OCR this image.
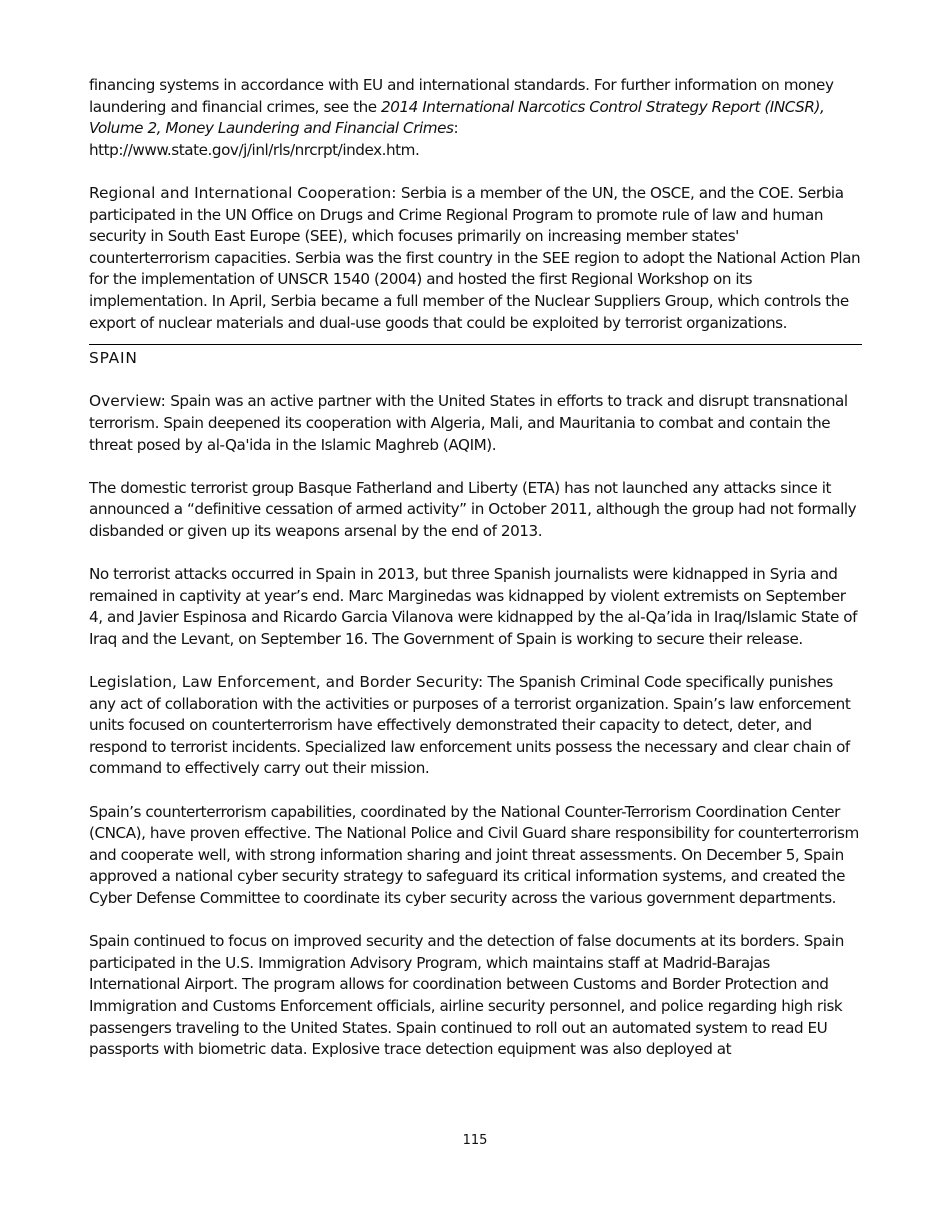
financing systems in accordance with EU and international standards. For further information on money laundering and financial crimes, see the 2014 International Narcotics Control Strategy Report (INCSR), Volume 2, Money Laundering and Financial Crimes:
http://www.state.gov/j/inl/rls/nrcrpt/index.htm.

Regional and International Cooperation: Serbia is a member of the UN, the OSCE, and the COE. Serbia participated in the UN Office on Drugs and Crime Regional Program to promote rule of law and human security in South East Europe (SEE), which focuses primarily on increasing member states' counterterrorism capacities. Serbia was the first country in the SEE region to adopt the National Action Plan for the implementation of UNSCR 1540 (2004) and hosted the first Regional Workshop on its implementation. In April, Serbia became a full member of the Nuclear Suppliers Group, which controls the export of nuclear materials and dual-use goods that could be exploited by terrorist organizations.

SPAIN

Overview: Spain was an active partner with the United States in efforts to track and disrupt transnational terrorism. Spain deepened its cooperation with Algeria, Mali, and Mauritania to combat and contain the threat posed by al-Qa'ida in the Islamic Maghreb (AQIM).

The domestic terrorist group Basque Fatherland and Liberty (ETA) has not launched any attacks since it announced a “definitive cessation of armed activity” in October 2011, although the group had not formally disbanded or given up its weapons arsenal by the end of 2013.

No terrorist attacks occurred in Spain in 2013, but three Spanish journalists were kidnapped in Syria and remained in captivity at year’s end. Marc Marginedas was kidnapped by violent extremists on September 4, and Javier Espinosa and Ricardo Garcia Vilanova were kidnapped by the al-Qa’ida in Iraq/Islamic State of Iraq and the Levant, on September 16. The Government of Spain is working to secure their release.

Legislation, Law Enforcement, and Border Security: The Spanish Criminal Code specifically punishes any act of collaboration with the activities or purposes of a terrorist organization. Spain’s law enforcement units focused on counterterrorism have effectively demonstrated their capacity to detect, deter, and respond to terrorist incidents. Specialized law enforcement units possess the necessary and clear chain of command to effectively carry out their mission.

Spain’s counterterrorism capabilities, coordinated by the National Counter-Terrorism Coordination Center (CNCA), have proven effective. The National Police and Civil Guard share responsibility for counterterrorism and cooperate well, with strong information sharing and joint threat assessments. On December 5, Spain approved a national cyber security strategy to safeguard its critical information systems, and created the Cyber Defense Committee to coordinate its cyber security across the various government departments.

Spain continued to focus on improved security and the detection of false documents at its borders. Spain participated in the U.S. Immigration Advisory Program, which maintains staff at Madrid-Barajas International Airport. The program allows for coordination between Customs and Border Protection and Immigration and Customs Enforcement officials, airline security personnel, and police regarding high risk passengers traveling to the United States. Spain continued to roll out an automated system to read EU passports with biometric data. Explosive trace detection equipment was also deployed at

115
